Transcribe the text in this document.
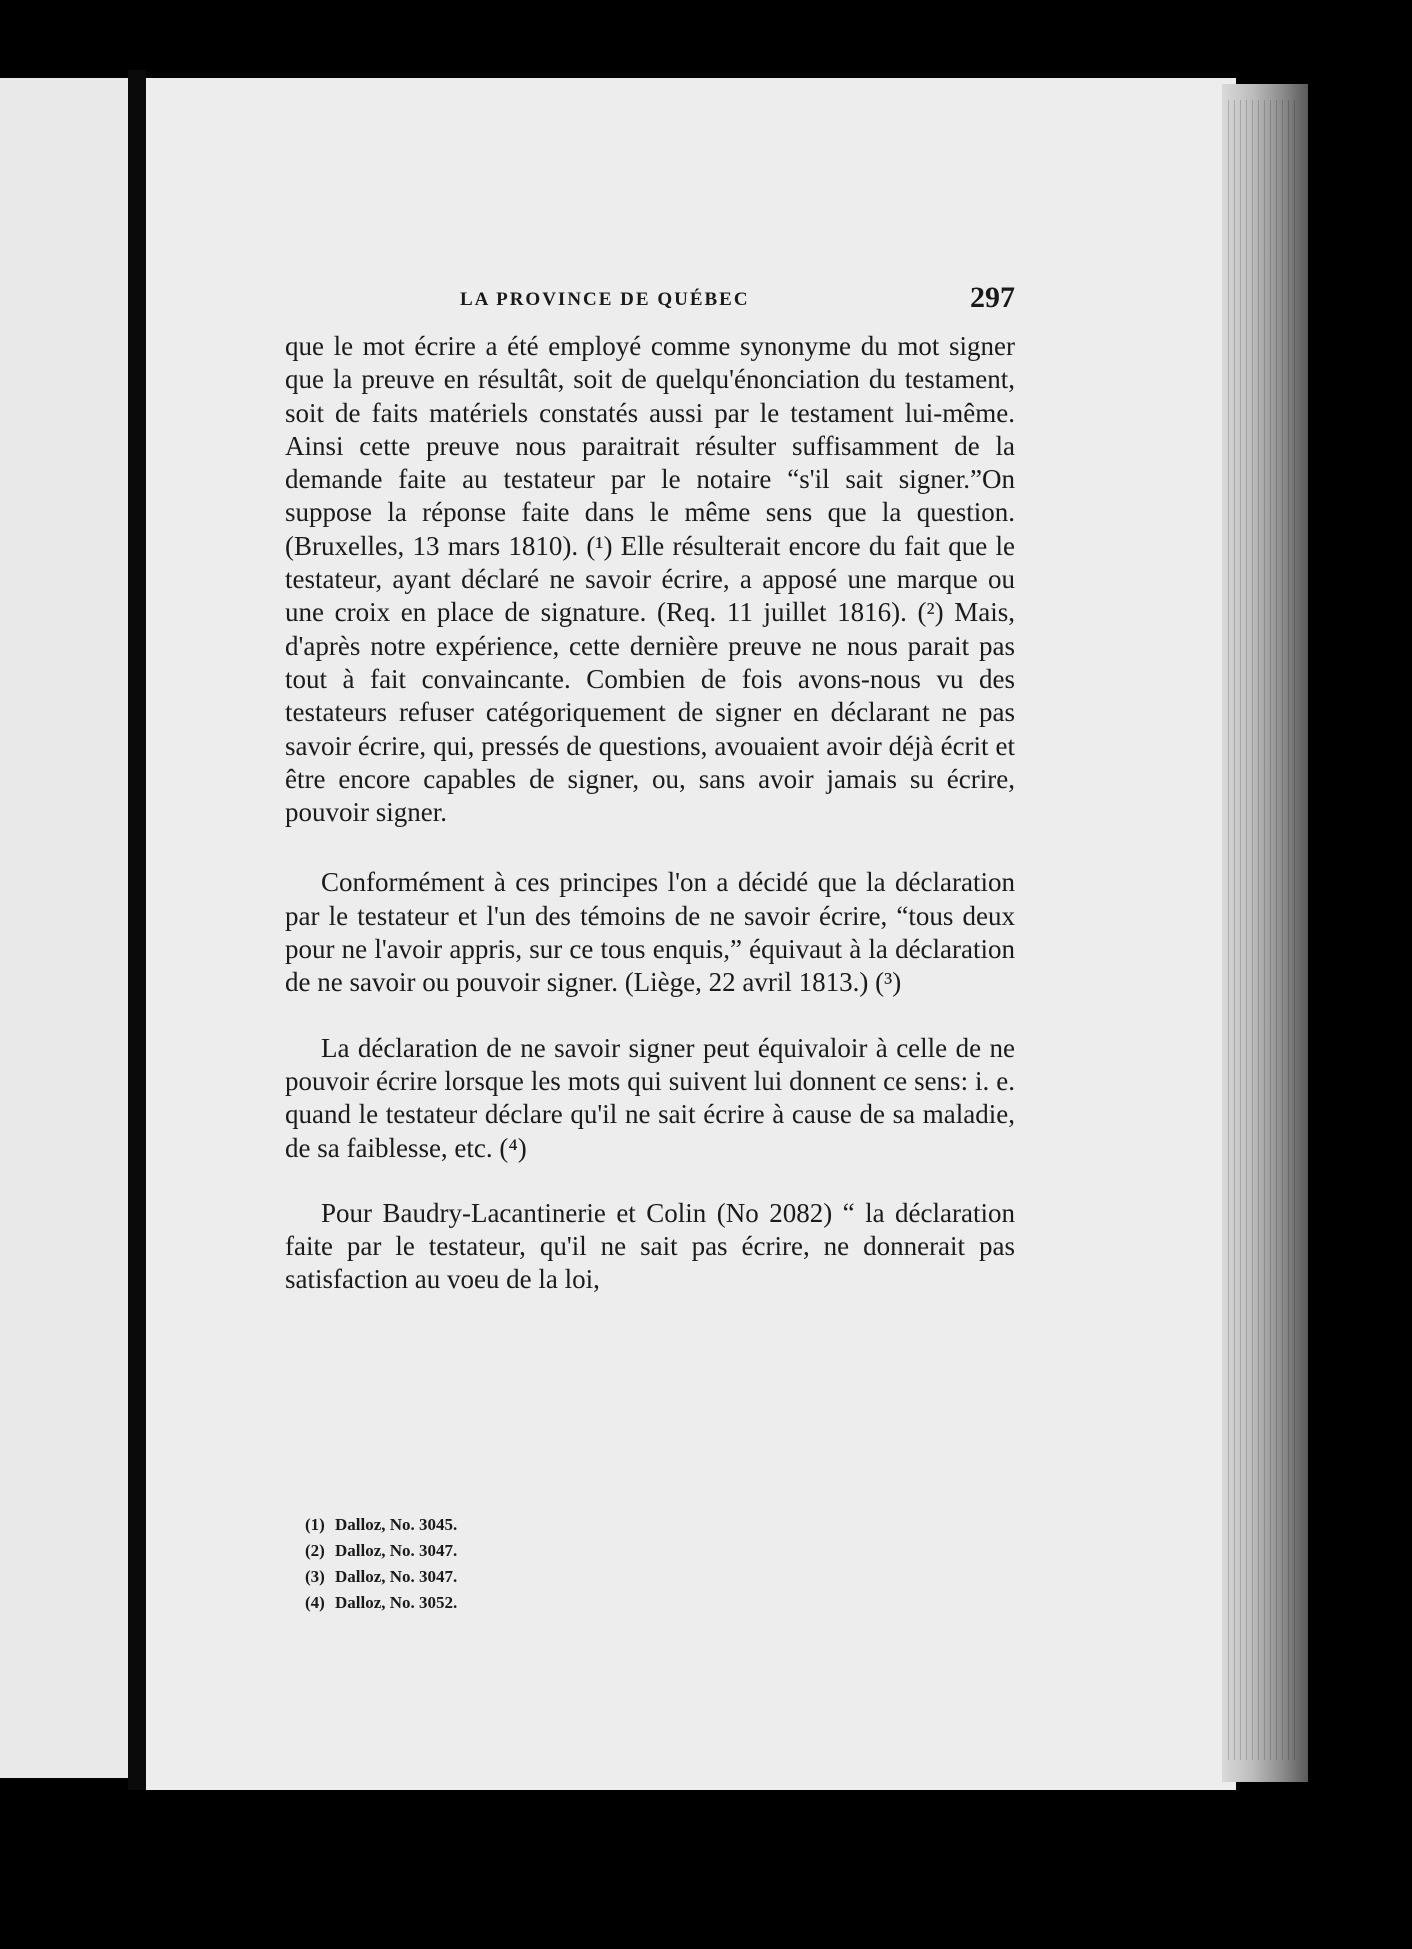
LA PROVINCE DE QUÉBEC	297

que le mot écrire a été employé comme synonyme du mot signer que la preuve en résultât, soit de quelqu'énonciation du testament, soit de faits matériels constatés aussi par le testament lui-même. Ainsi cette preuve nous paraitrait résulter suffisamment de la demande faite au testateur par le notaire “s'il sait signer.”On suppose la réponse faite dans le même sens que la question. (Bruxelles, 13 mars 1810). (¹) Elle résulterait encore du fait que le testateur, ayant déclaré ne savoir écrire, a apposé une marque ou une croix en place de signature. (Req. 11 juillet 1816). (²) Mais, d'après notre expérience, cette dernière preuve ne nous parait pas tout à fait convaincante. Combien de fois avons-nous vu des testateurs refuser catégoriquement de signer en déclarant ne pas savoir écrire, qui, pressés de questions, avouaient avoir déjà écrit et être encore capables de signer, ou, sans avoir jamais su écrire, pouvoir signer.

Conformément à ces principes l'on a décidé que la déclaration par le testateur et l'un des témoins de ne savoir écrire, “tous deux pour ne l'avoir appris, sur ce tous enquis,” équivaut à la déclaration de ne savoir ou pouvoir signer. (Liège, 22 avril 1813.) (³)

La déclaration de ne savoir signer peut équivaloir à celle de ne pouvoir écrire lorsque les mots qui suivent lui donnent ce sens: i. e. quand le testateur déclare qu'il ne sait écrire à cause de sa maladie, de sa faiblesse, etc. (⁴)

Pour Baudry-Lacantinerie et Colin (No 2082) “ la déclaration faite par le testateur, qu'il ne sait pas écrire, ne donnerait pas satisfaction au voeu de la loi,

(1) Dalloz, No. 3045.
(2) Dalloz, No. 3047.
(3) Dalloz, No. 3047.
(4) Dalloz, No. 3052.
